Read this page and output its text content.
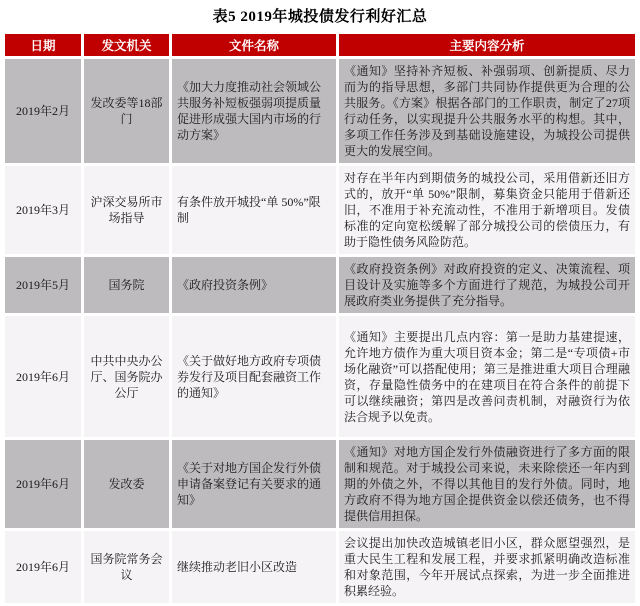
表5 2019年城投债发行利好汇总
日期	发文机关	文件名称	主要内容分析
2019年2月	发改委等18部门	《加大力度推动社会领域公共服务补短板强弱项提质量促进形成强大国内市场的行动方案》	《通知》坚持补齐短板、补强弱项、创新提质、尽力而为的指导思想，多部门共同协作提供更为合理的公共服务。《方案》根据各部门的工作职责，制定了27项行动任务，以实现提升公共服务水平的构想。其中，多项工作任务涉及到基础设施建设，为城投公司提供更大的发展空间。
2019年3月	沪深交易所市场指导	有条件放开城投“单 50%”限制	对存在半年内到期债务的城投公司，采用借新还旧方式的，放开“单 50%”限制，募集资金只能用于借新还旧，不准用于补充流动性，不准用于新增项目。发债标准的定向宽松缓解了部分城投公司的偿债压力，有助于隐性债务风险防范。
2019年5月	国务院	《政府投资条例》	《政府投资条例》对政府投资的定义、决策流程、项目设计及实施等多个方面进行了规范，为城投公司开展政府类业务提供了充分指导。
2019年6月	中共中央办公厅、国务院办公厅	《关于做好地方政府专项债券发行及项目配套融资工作的通知》	《通知》主要提出几点内容：第一是助力基建提速，允许地方债作为重大项目资本金；第二是“专项债+市场化融资”可以搭配使用；第三是推进重大项目合理融资，存量隐性债务中的在建项目在符合条件的前提下可以继续融资；第四是改善问责机制，对融资行为依法合规予以免责。
2019年6月	发改委	《关于对地方国企发行外债申请备案登记有关要求的通知》	《通知》对地方国企发行外债融资进行了多方面的限制和规范。对于城投公司来说，未来除偿还一年内到期的外债之外，不得以其他目的发行外债。同时，地方政府不得为地方国企提供资金以偿还债务，也不得提供信用担保。
2019年6月	国务院常务会议	继续推动老旧小区改造	会议提出加快改造城镇老旧小区，群众愿望强烈，是重大民生工程和发展工程，并要求抓紧明确改造标准和对象范围，今年开展试点探索，为进一步全面推进积累经验。
